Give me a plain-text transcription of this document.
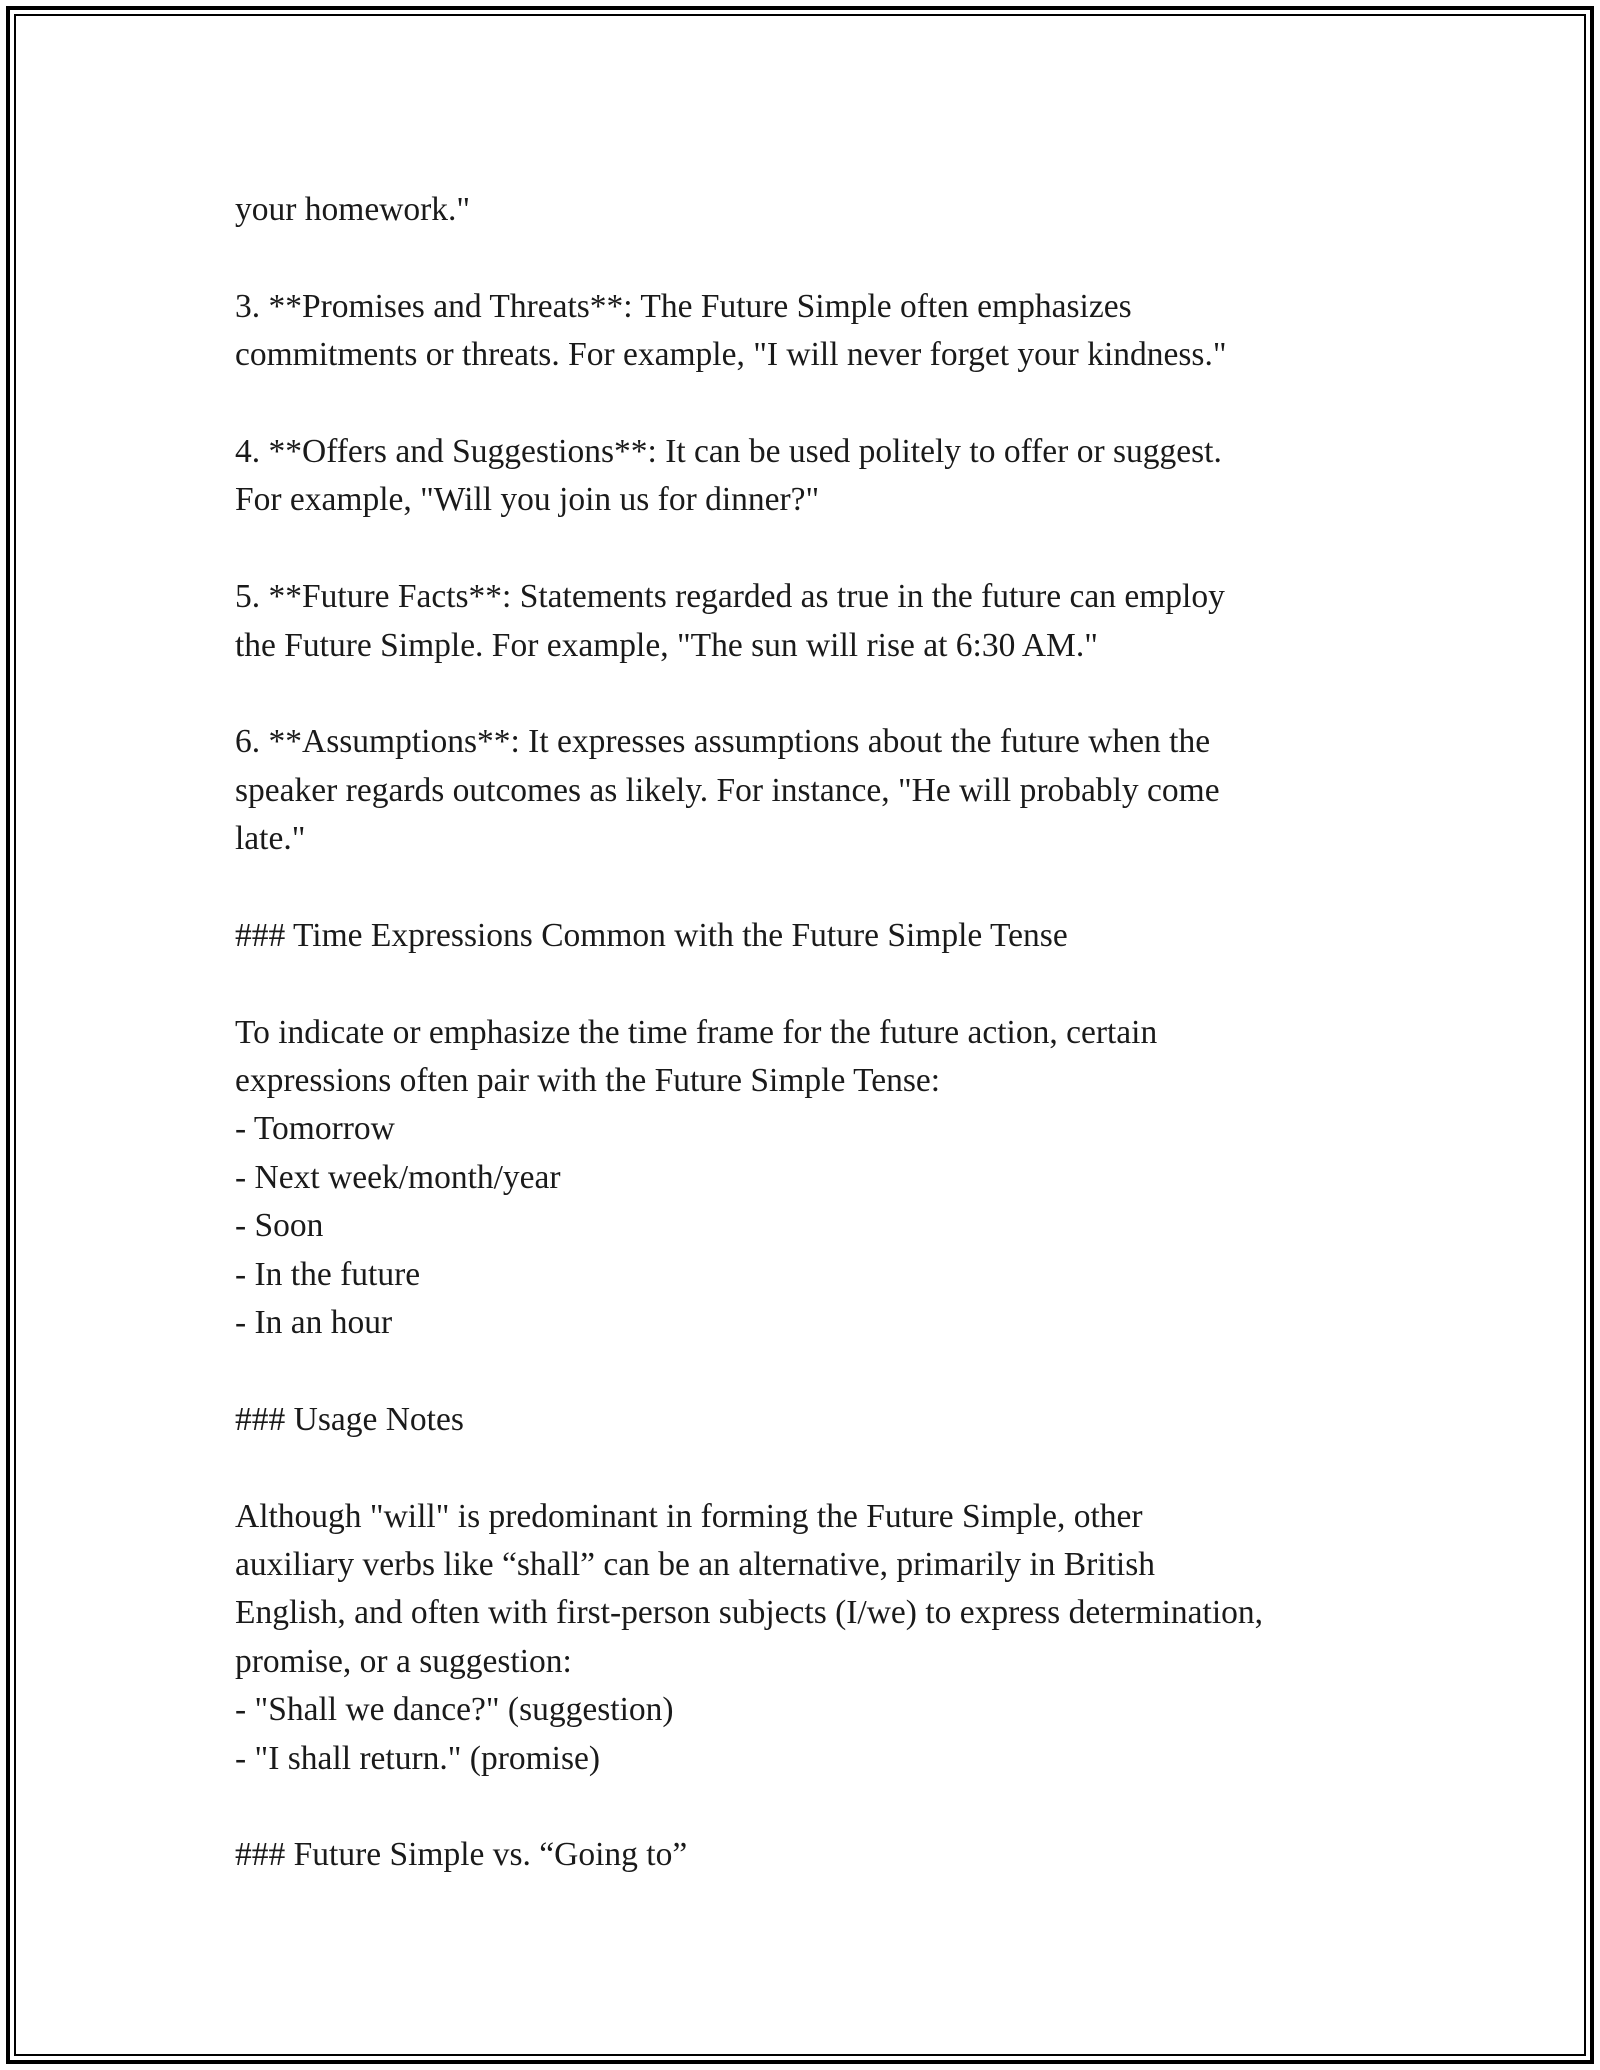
your homework."
3. **Promises and Threats**: The Future Simple often emphasizes
commitments or threats. For example, "I will never forget your kindness."
4. **Offers and Suggestions**: It can be used politely to offer or suggest.
For example, "Will you join us for dinner?"
5. **Future Facts**: Statements regarded as true in the future can employ
the Future Simple. For example, "The sun will rise at 6:30 AM."
6. **Assumptions**: It expresses assumptions about the future when the
speaker regards outcomes as likely. For instance, "He will probably come
late."
### Time Expressions Common with the Future Simple Tense
To indicate or emphasize the time frame for the future action, certain
expressions often pair with the Future Simple Tense:
- Tomorrow
- Next week/month/year
- Soon
- In the future
- In an hour
### Usage Notes
Although "will" is predominant in forming the Future Simple, other
auxiliary verbs like “shall” can be an alternative, primarily in British
English, and often with first-person subjects (I/we) to express determination,
promise, or a suggestion:
- "Shall we dance?" (suggestion)
- "I shall return." (promise)
### Future Simple vs. “Going to”
